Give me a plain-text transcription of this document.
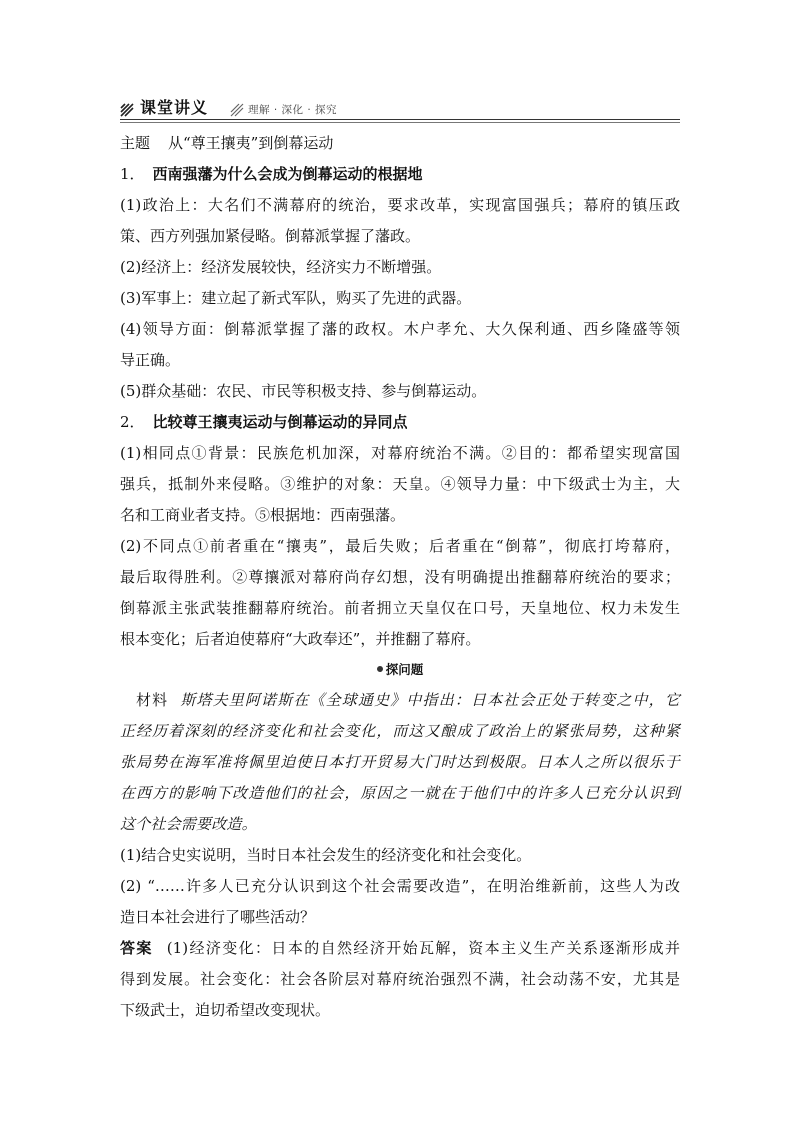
课堂讲义	理解 · 深化 · 探究

主题 从“尊王攘夷”到倒幕运动

1． 西南强藩为什么会成为倒幕运动的根据地

(1)政治上：大名们不满幕府的统治，要求改革，实现富国强兵；幕府的镇压政

策、西方列强加紧侵略。倒幕派掌握了藩政。

(2)经济上：经济发展较快，经济实力不断增强。

(3)军事上：建立起了新式军队，购买了先进的武器。

(4)领导方面：倒幕派掌握了藩的政权。木户孝允、大久保利通、西乡隆盛等领

导正确。

(5)群众基础：农民、市民等积极支持、参与倒幕运动。

2． 比较尊王攘夷运动与倒幕运动的异同点

(1)相同点①背景：民族危机加深，对幕府统治不满。②目的：都希望实现富国

强兵，抵制外来侵略。③维护的对象：天皇。④领导力量：中下级武士为主，大

名和工商业者支持。⑤根据地：西南强藩。

(2)不同点①前者重在“攘夷”，最后失败；后者重在“倒幕”，彻底打垮幕府，

最后取得胜利。②尊攘派对幕府尚存幻想，没有明确提出推翻幕府统治的要求；

倒幕派主张武装推翻幕府统治。前者拥立天皇仅在口号，天皇地位、权力未发生

根本变化；后者迫使幕府“大政奉还”，并推翻了幕府。

探问题

材料 斯塔夫里阿诺斯在《全球通史》中指出：日本社会正处于转变之中，它

正经历着深刻的经济变化和社会变化，而这又酿成了政治上的紧张局势，这种紧

张局势在海军准将佩里迫使日本打开贸易大门时达到极限。日本人之所以很乐于

在西方的影响下改造他们的社会，原因之一就在于他们中的许多人已充分认识到

这个社会需要改造。

(1)结合史实说明，当时日本社会发生的经济变化和社会变化。

(2) “……许多人已充分认识到这个社会需要改造”，在明治维新前，这些人为改

造日本社会进行了哪些活动？

答案 (1)经济变化：日本的自然经济开始瓦解，资本主义生产关系逐渐形成并

得到发展。社会变化：社会各阶层对幕府统治强烈不满，社会动荡不安，尤其是

下级武士，迫切希望改变现状。
